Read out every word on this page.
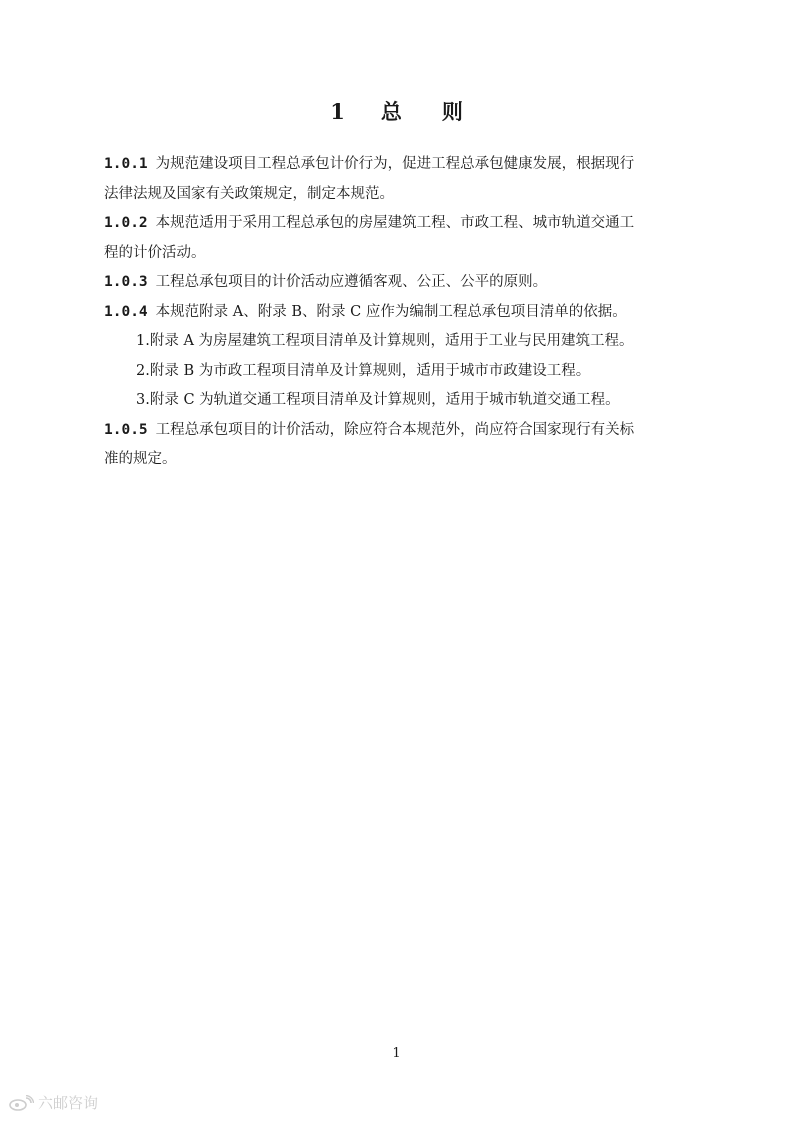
1 总 则

1.0.1 为规范建设项目工程总承包计价行为，促进工程总承包健康发展，根据现行
法律法规及国家有关政策规定，制定本规范。

1.0.2 本规范适用于采用工程总承包的房屋建筑工程、市政工程、城市轨道交通工
程的计价活动。

1.0.3 工程总承包项目的计价活动应遵循客观、公正、公平的原则。

1.0.4 本规范附录 A、附录 B、附录 C 应作为编制工程总承包项目清单的依据。

1.附录 A 为房屋建筑工程项目清单及计算规则，适用于工业与民用建筑工程。

2.附录 B 为市政工程项目清单及计算规则，适用于城市市政建设工程。

3.附录 C 为轨道交通工程项目清单及计算规则，适用于城市轨道交通工程。

1.0.5 工程总承包项目的计价活动，除应符合本规范外，尚应符合国家现行有关标
准的规定。

1
六邮咨询
